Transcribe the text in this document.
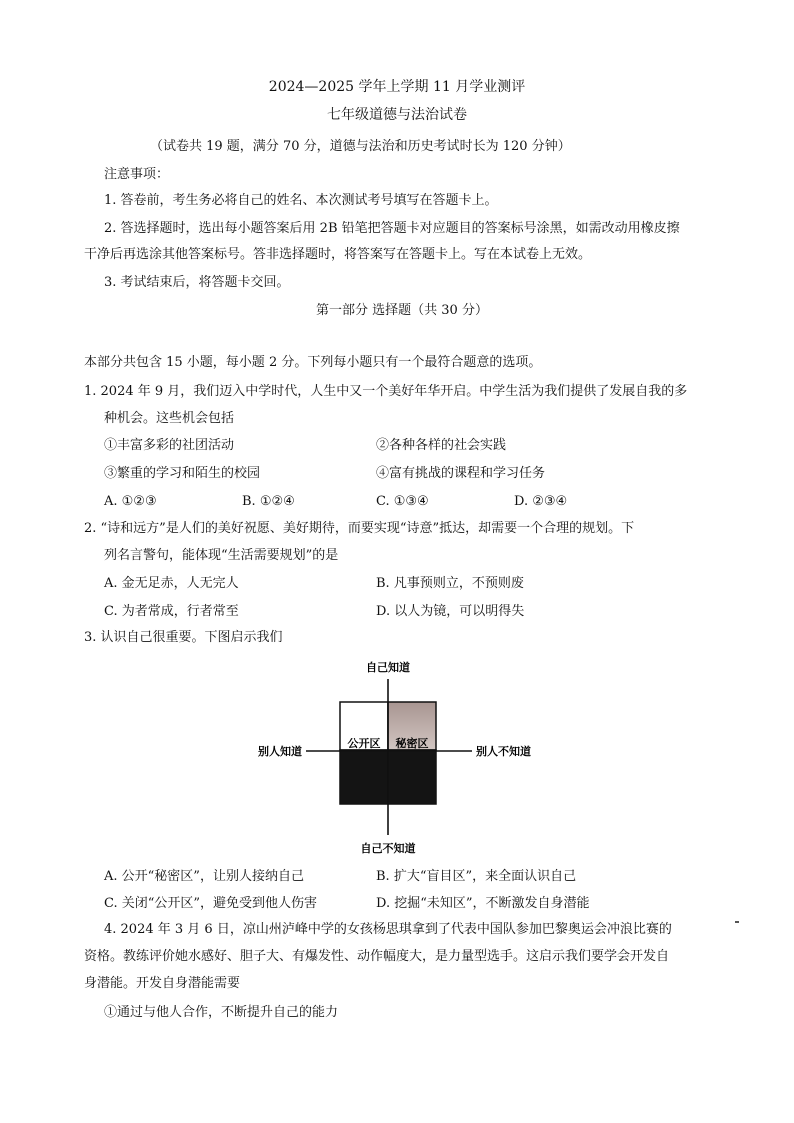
2024—2025 学年上学期 11 月学业测评
七年级道德与法治试卷
（试卷共 19 题，满分 70 分，道德与法治和历史考试时长为 120 分钟）
注意事项：
1. 答卷前，考生务必将自己的姓名、本次测试考号填写在答题卡上。
2. 答选择题时，选出每小题答案后用 2B 铅笔把答题卡对应题目的答案标号涂黑，如需改动用橡皮擦
干净后再选涂其他答案标号。答非选择题时，将答案写在答题卡上。写在本试卷上无效。
3. 考试结束后，将答题卡交回。
第一部分 选择题（共 30 分）
本部分共包含 15 小题，每小题 2 分。下列每小题只有一个最符合题意的选项。
1. 2024 年 9 月，我们迈入中学时代，人生中又一个美好年华开启。中学生活为我们提供了发展自我的多
种机会。这些机会包括
①丰富多彩的社团活动	②各种各样的社会实践
③繁重的学习和陌生的校园	④富有挑战的课程和学习任务
A. ①②③	B. ①②④	C. ①③④	D. ②③④
2. “诗和远方”是人们的美好祝愿、美好期待，而要实现“诗意”抵达，却需要一个合理的规划。下
列名言警句，能体现“生活需要规划”的是
A. 金无足赤，人无完人	B. 凡事预则立，不预则废
C. 为者常成，行者常至	D. 以人为镜，可以明得失
3. 认识自己很重要。下图启示我们
自己知道
自己不知道
别人知道	别人不知道
公开区 秘密区
A. 公开“秘密区”，让别人接纳自己	B. 扩大“盲目区”，来全面认识自己
C. 关闭“公开区”，避免受到他人伤害	D. 挖掘“未知区”，不断激发自身潜能
4. 2024 年 3 月 6 日，凉山州泸峰中学的女孩杨思琪拿到了代表中国队参加巴黎奥运会冲浪比赛的
资格。教练评价她水感好、胆子大、有爆发性、动作幅度大，是力量型选手。这启示我们要学会开发自
身潜能。开发自身潜能需要
①通过与他人合作，不断提升自己的能力
